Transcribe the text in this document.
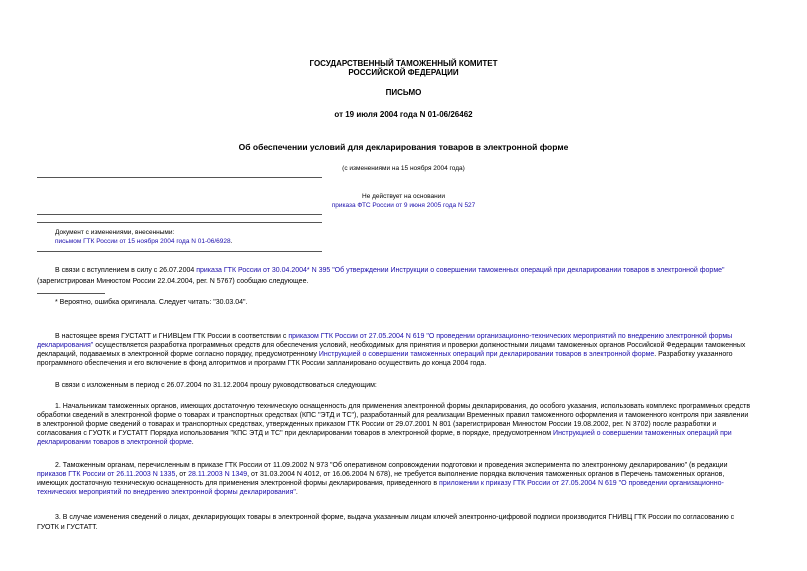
ГОСУДАРСТВЕННЫЙ ТАМОЖЕННЫЙ КОМИТЕТ
РОССИЙСКОЙ ФЕДЕРАЦИИ
ПИСЬМО
от 19 июля 2004 года N 01-06/26462
Об обеспечении условий для декларирования товаров в электронной форме
(с изменениями на 15 ноября 2004 года)
Не действует на основании
приказа ФТС России от 9 июня 2005 года N 527
Документ с изменениями, внесенными:
письмом ГТК России от 15 ноября 2004 года N 01-06/6928.
В связи с вступлением в силу с 26.07.2004 приказа ГТК России от 30.04.2004* N 395 "Об утверждении Инструкции о совершении таможенных операций при декларировании товаров в электронной форме"
(зарегистрирован Минюстом России 22.04.2004, рег. N 5767) сообщаю следующее.
* Вероятно, ошибка оригинала. Следует читать: "30.03.04".
В настоящее время ГУСТАТТ и ГНИВЦем ГТК России в соответствии с приказом ГТК России от 27.05.2004 N 619 "О проведении организационно-технических мероприятий по внедрению электронной формы
декларирования" осуществляется разработка программных средств для обеспечения условий, необходимых для принятия и проверки должностными лицами таможенных органов Российской Федерации таможенных
деклараций, подаваемых в электронной форме согласно порядку, предусмотренному Инструкцией о совершении таможенных операций при декларировании товаров в электронной форме. Разработку указанного
программного обеспечения и его включение в фонд алгоритмов и программ ГТК России запланировано осуществить до конца 2004 года.
В связи с изложенным в период с 26.07.2004 по 31.12.2004 прошу руководствоваться следующим:
1. Начальникам таможенных органов, имеющих достаточную техническую оснащенность для применения электронной формы декларирования, до особого указания, использовать комплекс программных средств
обработки сведений в электронной форме о товарах и транспортных средствах (КПС "ЭТД и ТС"), разработанный для реализации Временных правил таможенного оформления и таможенного контроля при заявлении
в электронной форме сведений о товарах и транспортных средствах, утвержденных приказом ГТК России от 29.07.2001 N 801 (зарегистрирован Минюстом России 19.08.2002, рег. N 3702) после разработки и
согласования с ГУОТК и ГУСТАТТ Порядка использования "КПС ЭТД и ТС" при декларировании товаров в электронной форме, в порядке, предусмотренном Инструкцией о совершении таможенных операций при
декларировании товаров в электронной форме.
2. Таможенным органам, перечисленным в приказе ГТК России от 11.09.2002 N 973 "Об оперативном сопровождении подготовки и проведения эксперимента по электронному декларированию" (в редакции
приказов ГТК России от 26.11.2003 N 1335, от 28.11.2003 N 1349, от 31.03.2004 N 4012, от 16.06.2004 N 678), не требуется выполнение порядка включения таможенных органов в Перечень таможенных органов,
имеющих достаточную техническую оснащенность для применения электронной формы декларирования, приведенного в приложении к приказу ГТК России от 27.05.2004 N 619 "О проведении организационно-
технических мероприятий по внедрению электронной формы декларирования".
3. В случае изменения сведений о лицах, декларирующих товары в электронной форме, выдача указанным лицам ключей электронно-цифровой подписи производится ГНИВЦ ГТК России по согласованию с
ГУОТК и ГУСТАТТ.
